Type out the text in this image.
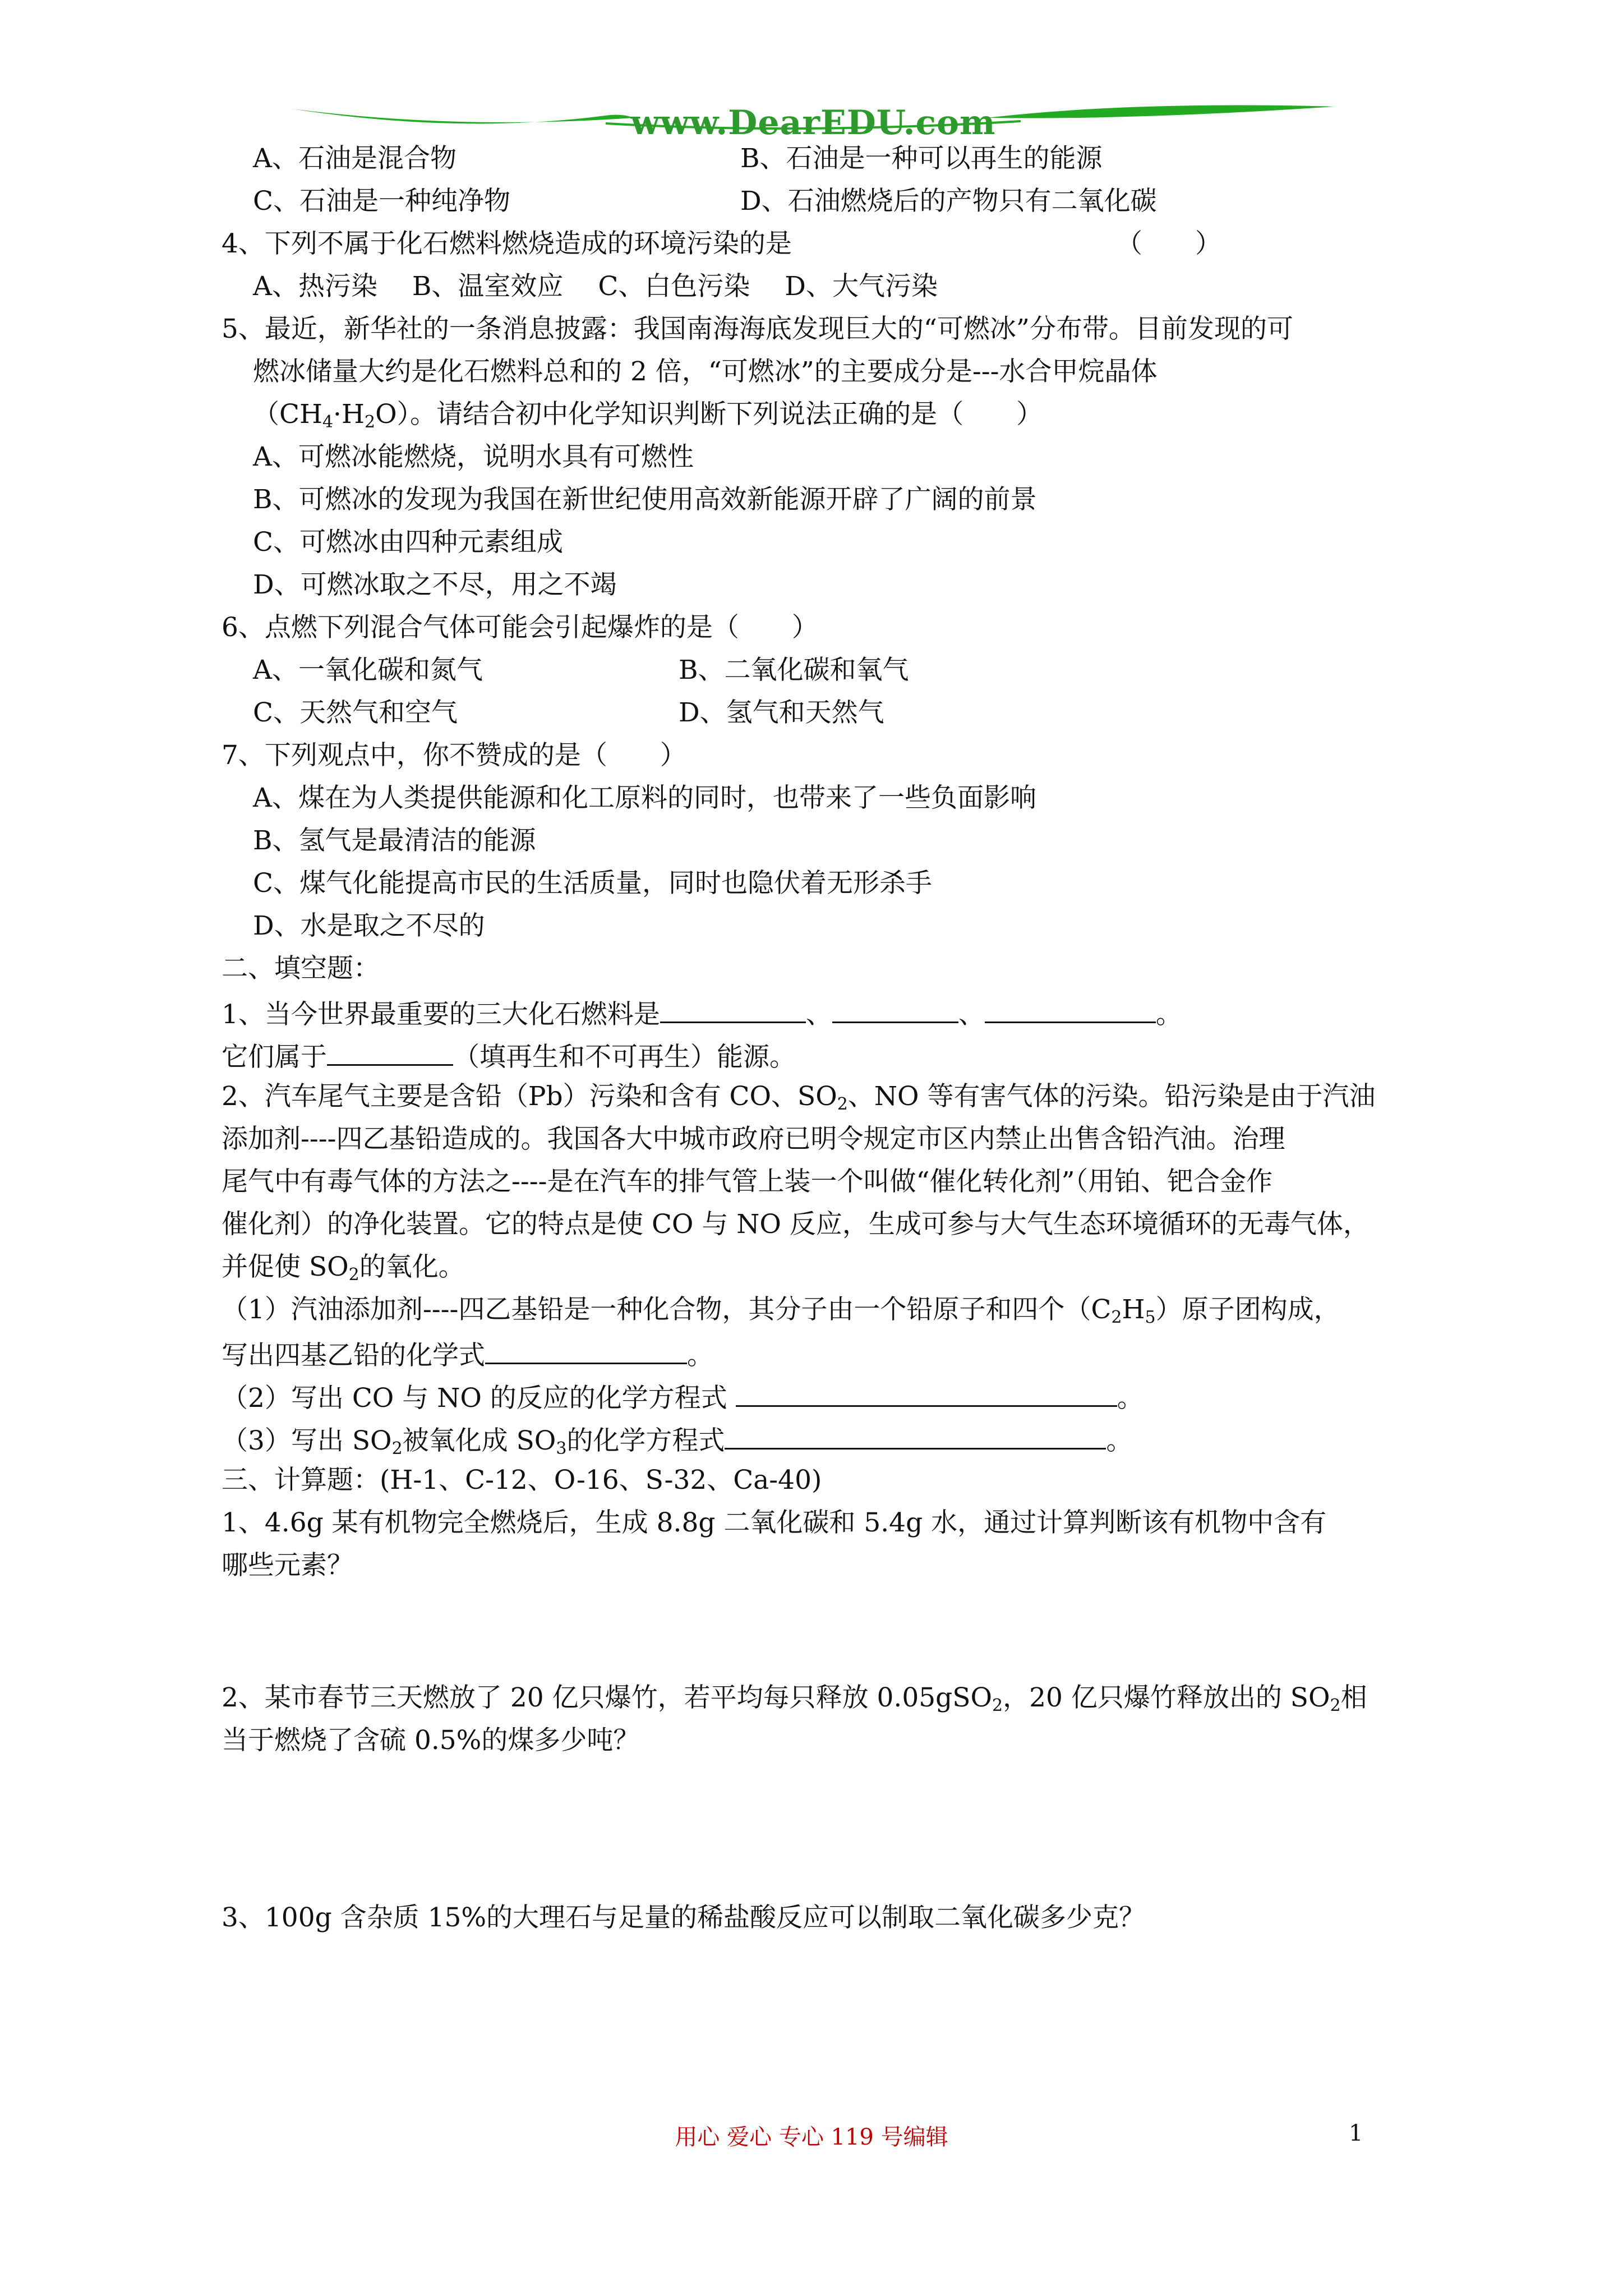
www.DearEDU.com
A、石油是混合物	B、石油是一种可以再生的能源
C、石油是一种纯净物	D、石油燃烧后的产物只有二氧化碳
4、下列不属于化石燃料燃烧造成的环境污染的是	（　　）
A、热污染　 B、温室效应　 C、白色污染　 D、大气污染
5、最近，新华社的一条消息披露：我国南海海底发现巨大的“可燃冰”分布带。目前发现的可
燃冰储量大约是化石燃料总和的 2 倍，“可燃冰”的主要成分是---水合甲烷晶体
$(CH_4\cdot H_2O)$。请结合初中化学知识判断下列说法正确的是（　　）
A、可燃冰能燃烧，说明水具有可燃性
B、可燃冰的发现为我国在新世纪使用高效新能源开辟了广阔的前景
C、可燃冰由四种元素组成
D、可燃冰取之不尽，用之不竭
6、点燃下列混合气体可能会引起爆炸的是（　　）
A、一氧化碳和氮气	B、二氧化碳和氧气
C、天然气和空气	D、氢气和天然气
7、下列观点中，你不赞成的是（　　）
A、煤在为人类提供能源和化工原料的同时，也带来了一些负面影响
B、氢气是最清洁的能源
C、煤气化能提高市民的生活质量，同时也隐伏着无形杀手
D、水是取之不尽的
二、填空题：
1、当今世界最重要的三大化石燃料是	、	、	。
它们属于	（填再生和不可再生）能源。
2、汽车尾气主要是含铅（Pb）污染和含有 CO、$SO_2$、NO 等有害气体的污染。铅污染是由于汽油
添加剂----四乙基铅造成的。我国各大中城市政府已明令规定市区内禁止出售含铅汽油。治理
尾气中有毒气体的方法之----是在汽车的排气管上装一个叫做“催化转化剂”（用铂、钯合金作
催化剂）的净化装置。它的特点是使 CO 与 NO 反应，生成可参与大气生态环境循环的无毒气体，
并促使 $SO_2$的氧化。
（1）汽油添加剂----四乙基铅是一种化合物，其分子由一个铅原子和四个$(C_2H_5)$原子团构成，
写出四基乙铅的化学式	。
（2）写出 CO 与 NO 的反应的化学方程式	。
（3）写出 $SO_2$被氧化成 $SO_3$的化学方程式	。
三、计算题：(H-1、C-12、O-16、S-32、Ca-40)
1、4.6g 某有机物完全燃烧后，生成 8.8g 二氧化碳和 5.4g 水，通过计算判断该有机物中含有
哪些元素？
2、某市春节三天燃放了 20 亿只爆竹，若平均每只释放 0.05gSO$_2$，20 亿只爆竹释放出的 $SO_2$相
当于燃烧了含硫 0.5%的煤多少吨？
3、100g 含杂质 15%的大理石与足量的稀盐酸反应可以制取二氧化碳多少克？
用心 爱心 专心 119 号编辑	1
